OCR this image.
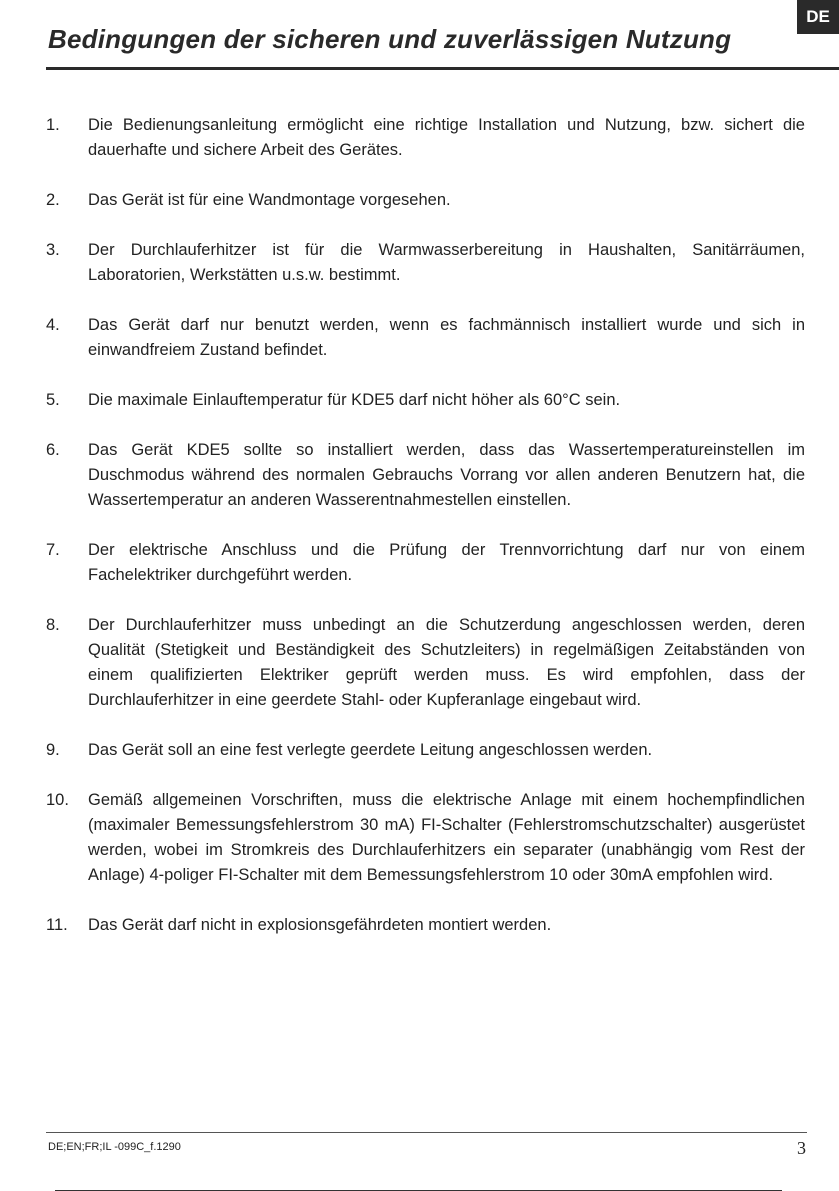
DE
Bedingungen der sicheren und zuverlässigen Nutzung
1.	Die Bedienungsanleitung ermöglicht eine richtige Installation und Nutzung, bzw. sichert die dauerhafte und sichere Arbeit des Gerätes.
2.	Das Gerät ist für eine Wandmontage vorgesehen.
3.	Der Durchlauferhitzer ist für die Warmwasserbereitung in Haushalten, Sanitärräumen, Laboratorien, Werkstätten u.s.w. bestimmt.
4.	Das Gerät darf nur benutzt werden, wenn es fachmännisch installiert wurde und sich in einwandfreiem Zustand befindet.
5.	Die maximale Einlauftemperatur für KDE5 darf nicht höher als 60°C sein.
6.	Das Gerät KDE5 sollte so installiert werden, dass das Wassertemperatureinstellen im Duschmodus während des normalen Gebrauchs Vorrang vor allen anderen Benutzern hat, die Wassertemperatur an anderen Wasserentnahmestellen einstellen.
7.	Der elektrische Anschluss und die Prüfung der Trennvorrichtung darf nur von einem Fachelektriker durchgeführt werden.
8.	Der Durchlauferhitzer muss unbedingt an die Schutzerdung angeschlossen werden, deren Qualität (Stetigkeit und Beständigkeit des Schutzleiters) in regelmäßigen Zeitabständen von einem qualifizierten Elektriker geprüft werden muss. Es wird empfohlen, dass der Durchlauferhitzer in eine geerdete Stahl- oder Kupferanlage eingebaut wird.
9.	Das Gerät soll an eine fest verlegte geerdete Leitung angeschlossen werden.
10.	Gemäß allgemeinen Vorschriften, muss die elektrische Anlage mit einem hochempfindlichen (maximaler Bemessungsfehlerstrom 30 mA) FI-Schalter (Fehlerstromschutzschalter) ausgerüstet werden, wobei im Stromkreis des Durchlauferhitzers ein separater (unabhängig vom Rest der Anlage) 4-poliger FI-Schalter mit dem Bemessungsfehlerstrom 10 oder 30mA empfohlen wird.
11.	Das Gerät darf nicht in explosionsgefährdeten montiert werden.
DE;EN;FR;IL -099C_f.1290	3
